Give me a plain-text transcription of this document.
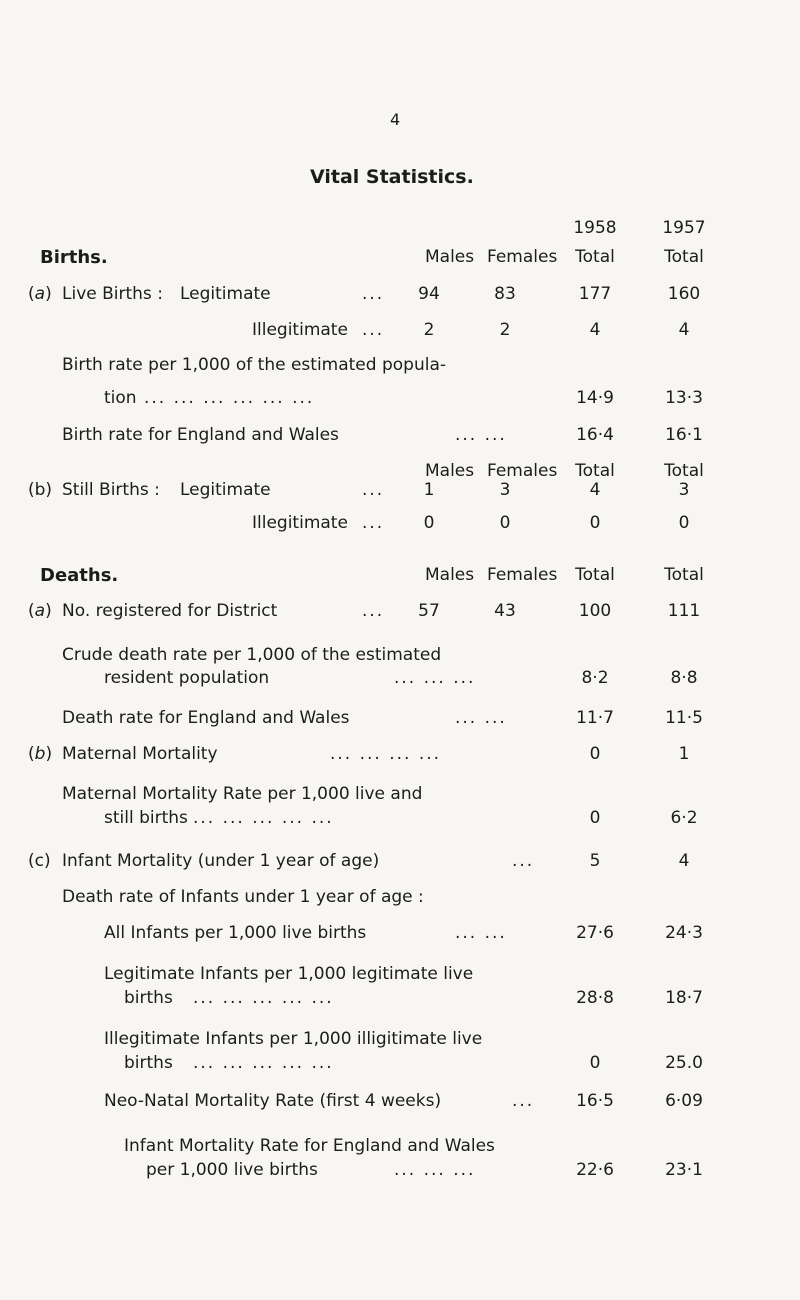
4
Vital Statistics.
1958	1957
Births.	Males Females	Total	Total
(a) Live Births : Legitimate	...	94	83	177	160
Illegitimate ...	2	2	4	4
Birth rate per 1,000 of the estimated popula-
tion ... ... ... ... ... ...	14·9	13·3
Birth rate for England and Wales	... ...	16·4	16·1
Males Females	Total	Total
(b) Still Births : Legitimate	...	1	3	4	3
Illegitimate ...	0	0	0	0
Deaths.	Males Females	Total	Total
(a) No. registered for District	...	57	43	100	111
Crude death rate per 1,000 of the estimated
resident population	... ... ...	8·2	8·8
Death rate for England and Wales	... ...	11·7	11·5
(b) Maternal Mortality	... ... ... ...	0	1
Maternal Mortality Rate per 1,000 live and
still births ... ... ... ... ...	0	6·2
(c) Infant Mortality (under 1 year of age)	...	5	4
Death rate of Infants under 1 year of age :
All Infants per 1,000 live births	... ...	27·6	24·3
Legitimate Infants per 1,000 legitimate live
births ... ... ... ... ...	28·8	18·7
Illegitimate Infants per 1,000 illigitimate live
births ... ... ... ... ...	0	25.0
Neo-Natal Mortality Rate (first 4 weeks)	...	16·5	6·09
Infant Mortality Rate for England and Wales
per 1,000 live births	... ... ...	22·6	23·1
